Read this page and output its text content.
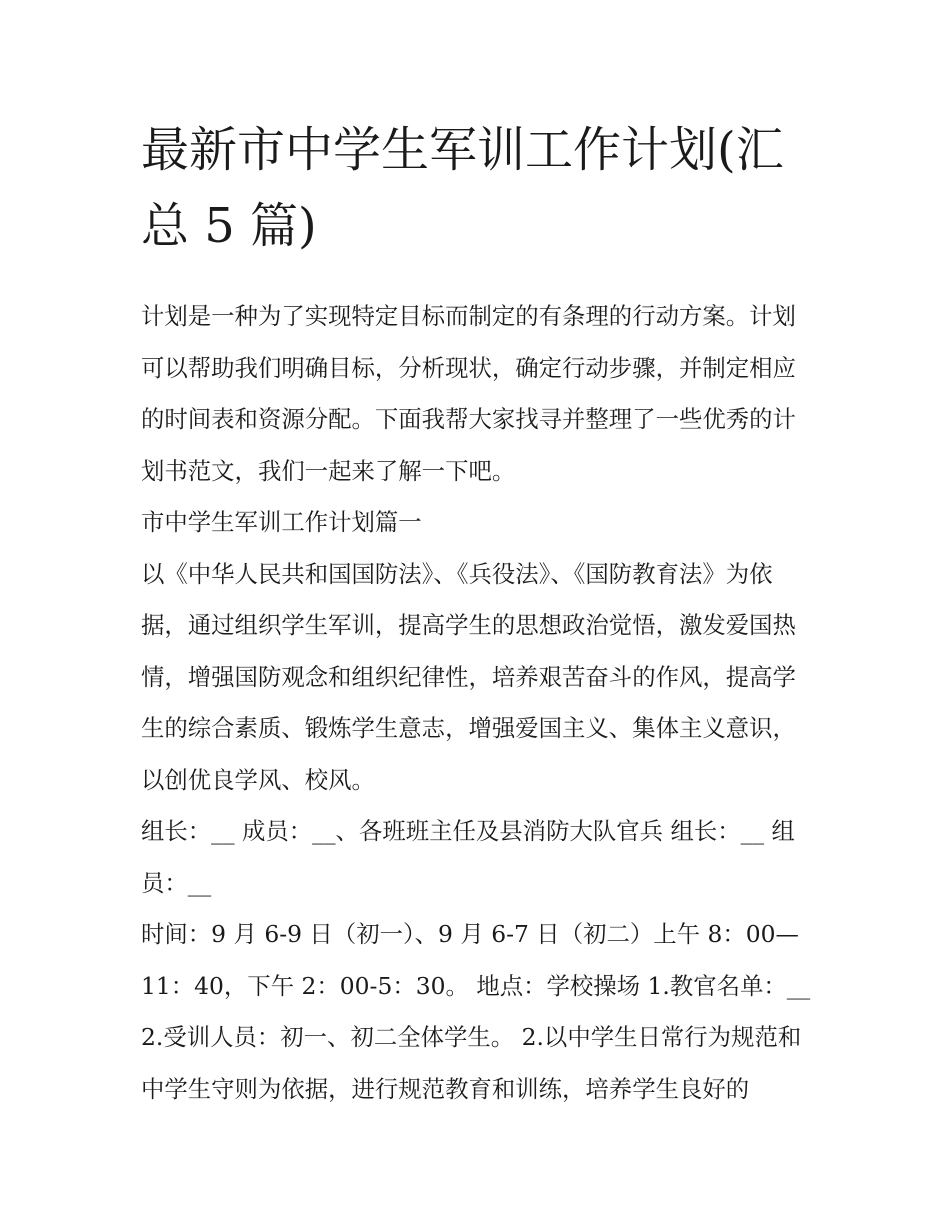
最新市中学生军训工作计划(汇总 5 篇)

计划是一种为了实现特定目标而制定的有条理的行动方案。计划可以帮助我们明确目标，分析现状，确定行动步骤，并制定相应的时间表和资源分配。下面我帮大家找寻并整理了一些优秀的计划书范文，我们一起来了解一下吧。

市中学生军训工作计划篇一

以《中华人民共和国国防法》、《兵役法》、《国防教育法》为依据，通过组织学生军训，提高学生的思想政治觉悟，激发爱国热情，增强国防观念和组织纪律性，培养艰苦奋斗的作风，提高学生的综合素质、锻炼学生意志，增强爱国主义、集体主义意识，以创优良学风、校风。

组长：__ 成员：__、各班班主任及县消防大队官兵 组长：__ 组员：__

时间：9 月 6-9 日（初一）、9 月 6-7 日（初二）上午 8：00—11：40，下午 2：00-5：30。 地点：学校操场 1.教官名单：__ 2.受训人员：初一、初二全体学生。 2.以中学生日常行为规范和中学生守则为依据，进行规范教育和训练，培养学生良好的
